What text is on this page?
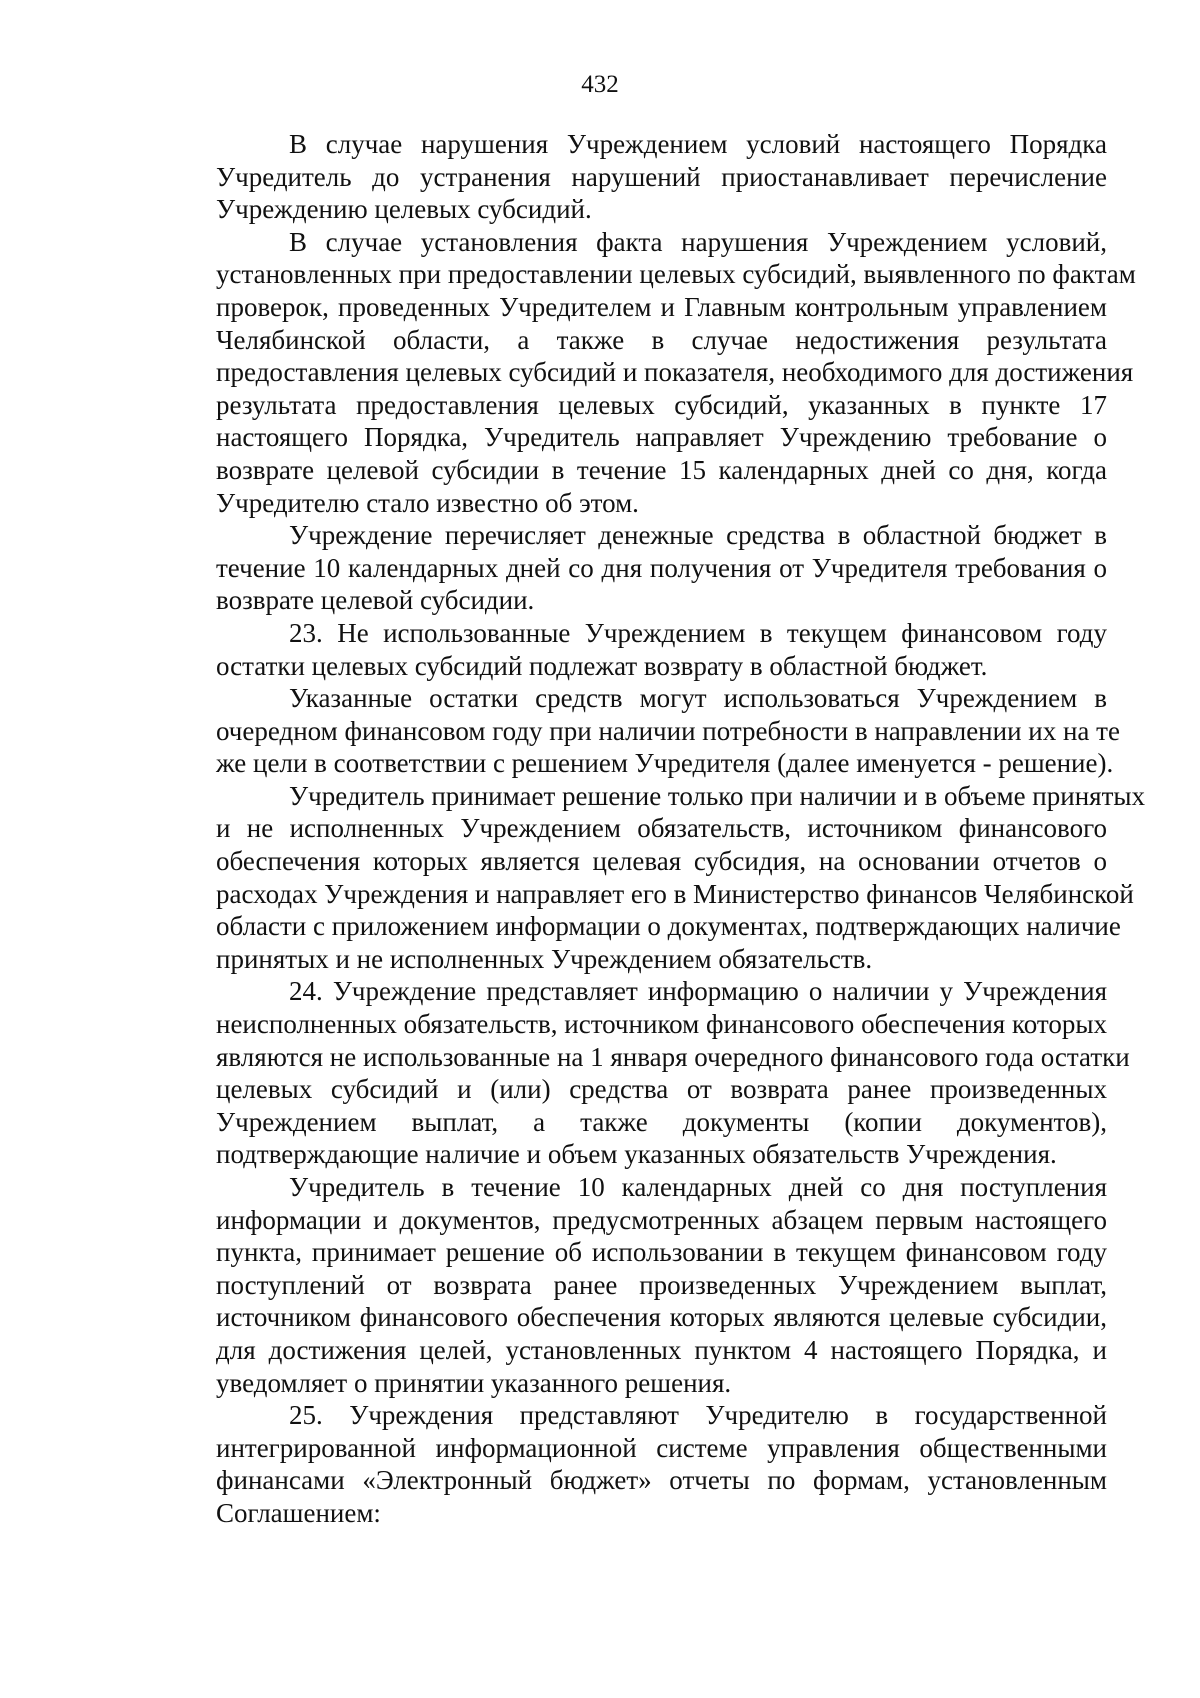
432
В случае нарушения Учреждением условий настоящего Порядка
Учредитель до устранения нарушений приостанавливает перечисление
Учреждению целевых субсидий.
В случае установления факта нарушения Учреждением условий,
установленных при предоставлении целевых субсидий, выявленного по фактам
проверок, проведенных Учредителем и Главным контрольным управлением
Челябинской области, а также в случае недостижения результата
предоставления целевых субсидий и показателя, необходимого для достижения
результата предоставления целевых субсидий, указанных в пункте 17
настоящего Порядка, Учредитель направляет Учреждению требование о
возврате целевой субсидии в течение 15 календарных дней со дня, когда
Учредителю стало известно об этом.
Учреждение перечисляет денежные средства в областной бюджет в
течение 10 календарных дней со дня получения от Учредителя требования о
возврате целевой субсидии.
23. Не использованные Учреждением в текущем финансовом году
остатки целевых субсидий подлежат возврату в областной бюджет.
Указанные остатки средств могут использоваться Учреждением в
очередном финансовом году при наличии потребности в направлении их на те
же цели в соответствии с решением Учредителя (далее именуется - решение).
Учредитель принимает решение только при наличии и в объеме принятых
и не исполненных Учреждением обязательств, источником финансового
обеспечения которых является целевая субсидия, на основании отчетов о
расходах Учреждения и направляет его в Министерство финансов Челябинской
области с приложением информации о документах, подтверждающих наличие
принятых и не исполненных Учреждением обязательств.
24. Учреждение представляет информацию о наличии у Учреждения
неисполненных обязательств, источником финансового обеспечения которых
являются не использованные на 1 января очередного финансового года остатки
целевых субсидий и (или) средства от возврата ранее произведенных
Учреждением выплат, а также документы (копии документов),
подтверждающие наличие и объем указанных обязательств Учреждения.
Учредитель в течение 10 календарных дней со дня поступления
информации и документов, предусмотренных абзацем первым настоящего
пункта, принимает решение об использовании в текущем финансовом году
поступлений от возврата ранее произведенных Учреждением выплат,
источником финансового обеспечения которых являются целевые субсидии,
для достижения целей, установленных пунктом 4 настоящего Порядка, и
уведомляет о принятии указанного решения.
25. Учреждения представляют Учредителю в государственной
интегрированной информационной системе управления общественными
финансами «Электронный бюджет» отчеты по формам, установленным
Соглашением:
